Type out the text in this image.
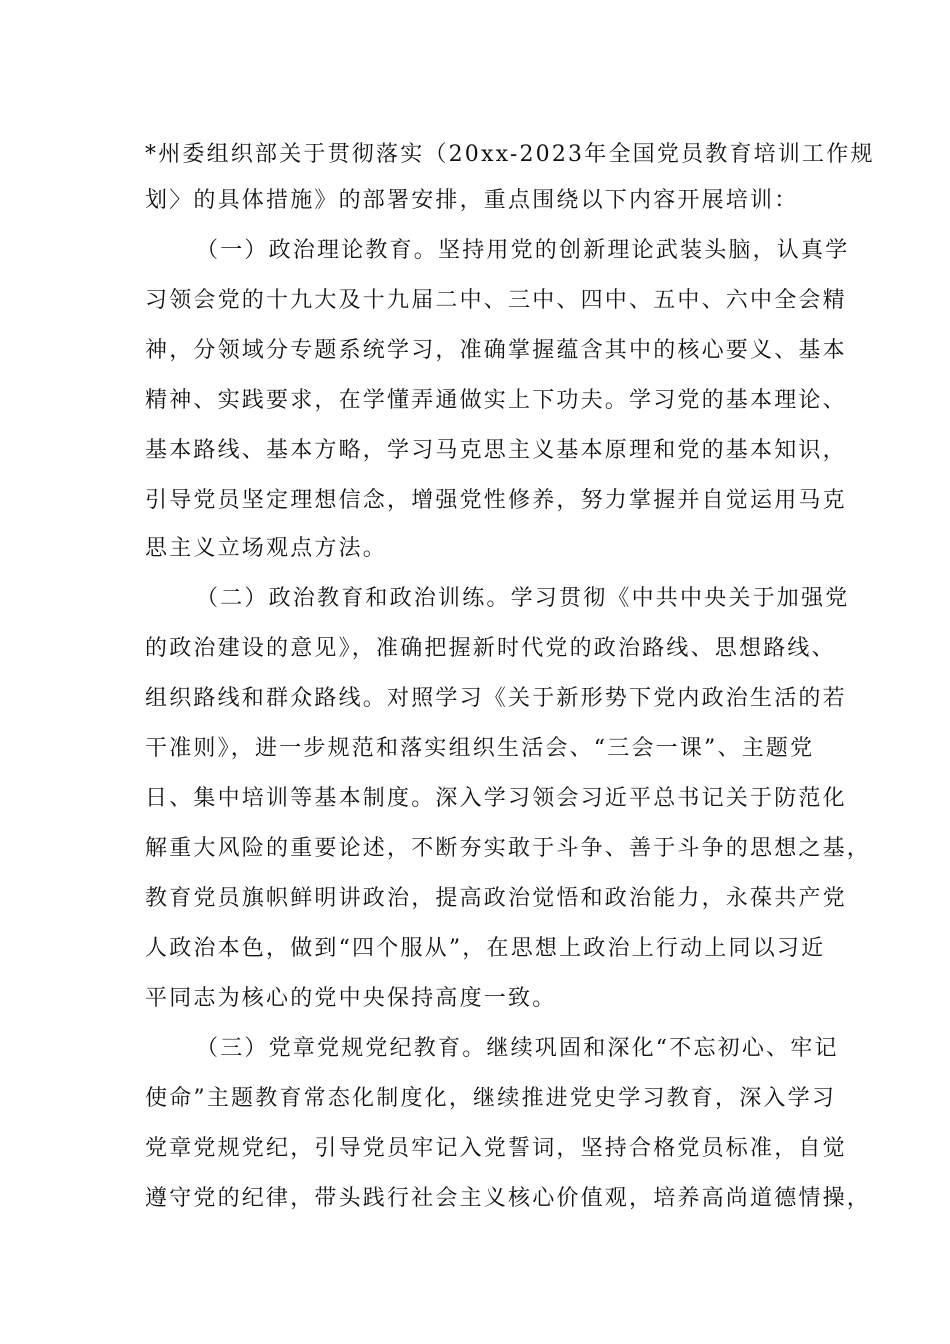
*州委组织部关于贯彻落实（20xx-2023年全国党员教育培训工作规
划〉的具体措施》的部署安排，重点围绕以下内容开展培训：
（一）政治理论教育。坚持用党的创新理论武装头脑，认真学
习领会党的十九大及十九届二中、三中、四中、五中、六中全会精
神，分领域分专题系统学习，准确掌握蕴含其中的核心要义、基本
精神、实践要求，在学懂弄通做实上下功夫。学习党的基本理论、
基本路线、基本方略，学习马克思主义基本原理和党的基本知识，
引导党员坚定理想信念，增强党性修养，努力掌握并自觉运用马克
思主义立场观点方法。
（二）政治教育和政治训练。学习贯彻《中共中央关于加强党
的政治建设的意见》，准确把握新时代党的政治路线、思想路线、
组织路线和群众路线。对照学习《关于新形势下党内政治生活的若
干准则》，进一步规范和落实组织生活会、“三会一课”、主题党
日、集中培训等基本制度。深入学习领会习近平总书记关于防范化
解重大风险的重要论述，不断夯实敢于斗争、善于斗争的思想之基，
教育党员旗帜鲜明讲政治，提高政治觉悟和政治能力，永葆共产党
人政治本色，做到“四个服从”，在思想上政治上行动上同以习近
平同志为核心的党中央保持高度一致。
（三）党章党规党纪教育。继续巩固和深化“不忘初心、牢记
使命”主题教育常态化制度化，继续推进党史学习教育，深入学习
党章党规党纪，引导党员牢记入党誓词，坚持合格党员标准，自觉
遵守党的纪律，带头践行社会主义核心价值观，培养高尚道德情操，
